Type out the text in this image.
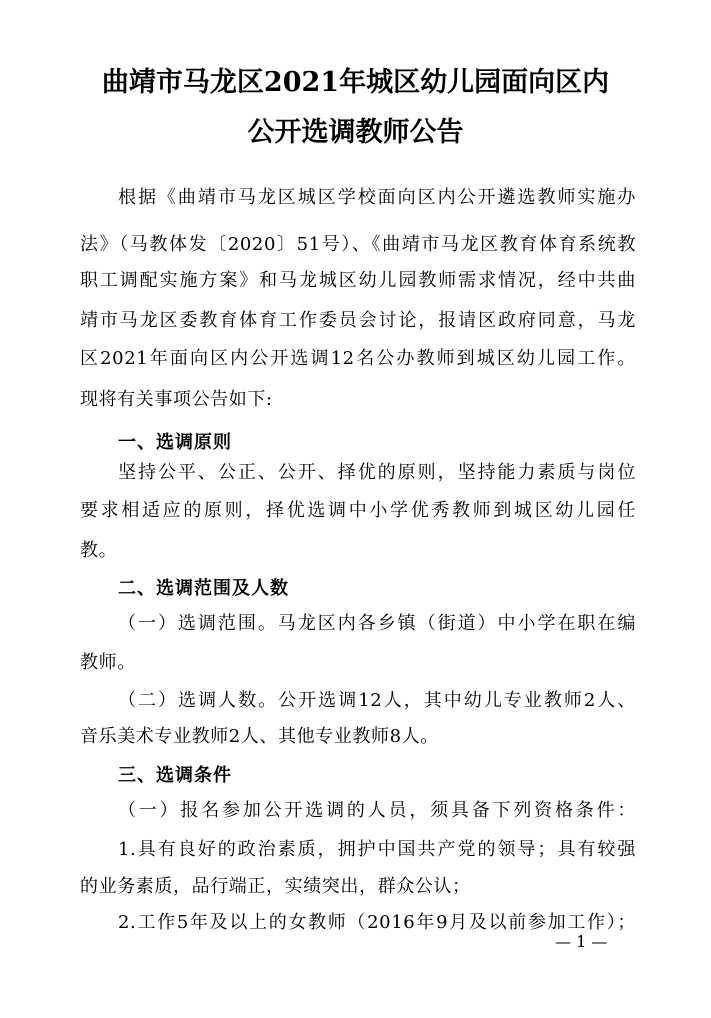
曲靖市马龙区2021年城区幼儿园面向区内
公开选调教师公告
根据《曲靖市马龙区城区学校面向区内公开遴选教师实施办
法》（马教体发〔2020〕51号）、《曲靖市马龙区教育体育系统教
职工调配实施方案》和马龙城区幼儿园教师需求情况，经中共曲
靖市马龙区委教育体育工作委员会讨论，报请区政府同意，马龙
区2021年面向区内公开选调12名公办教师到城区幼儿园工作。
现将有关事项公告如下:
一、选调原则
坚持公平、公正、公开、择优的原则，坚持能力素质与岗位
要求相适应的原则，择优选调中小学优秀教师到城区幼儿园任
教。
二、选调范围及人数
（一）选调范围。马龙区内各乡镇（街道）中小学在职在编
教师。
（二）选调人数。公开选调12人，其中幼儿专业教师2人、
音乐美术专业教师2人、其他专业教师8人。
三、选调条件
（一）报名参加公开选调的人员，须具备下列资格条件：
1.具有良好的政治素质，拥护中国共产党的领导；具有较强
的业务素质，品行端正，实绩突出，群众公认；
2.工作5年及以上的女教师（2016年9月及以前参加工作）；
— 1 —
